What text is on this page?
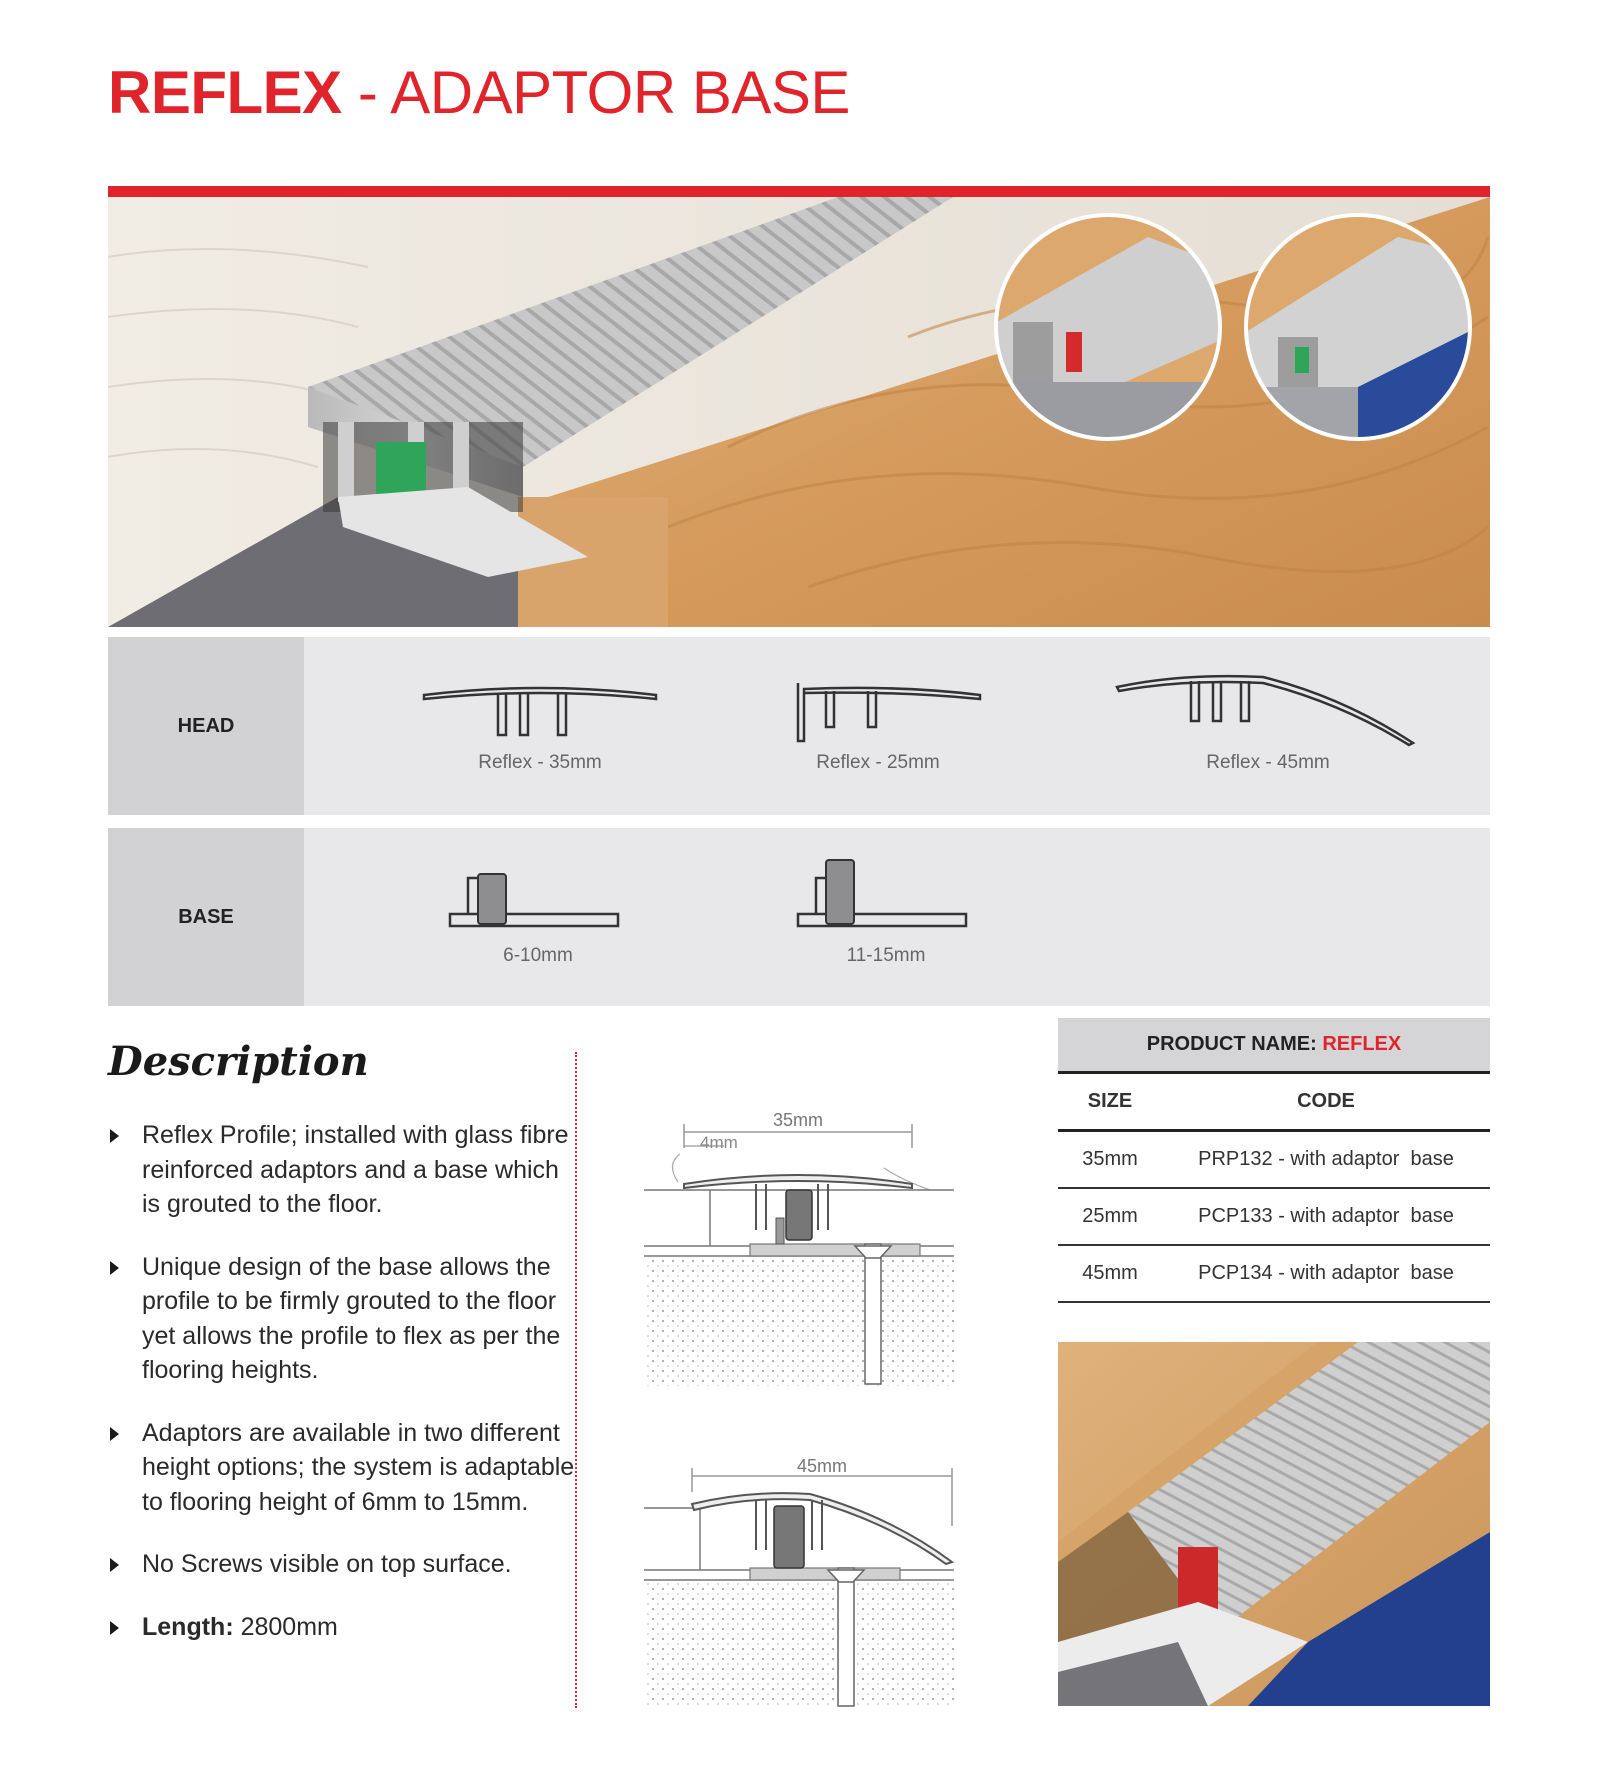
REFLEX - ADAPTOR BASE
HEAD
Reflex - 35mm	Reflex - 25mm	Reflex - 45mm
BASE
6-10mm	11-15mm
Description
Reflex Profile; installed with glass fibre reinforced adaptors and a base which is grouted to the floor.
Unique design of the base allows the profile to be firmly grouted to the floor yet allows the profile to flex as per the flooring heights.
Adaptors are available in two different height options; the system is adaptable to flooring height of 6mm to 15mm.
No Screws visible on top surface.
Length: 2800mm
35mm
4mm
45mm
PRODUCT NAME: REFLEX
SIZE	CODE
35mm	PRP132 - with adaptor  base
25mm	PCP133 - with adaptor  base
45mm	PCP134 - with adaptor  base
